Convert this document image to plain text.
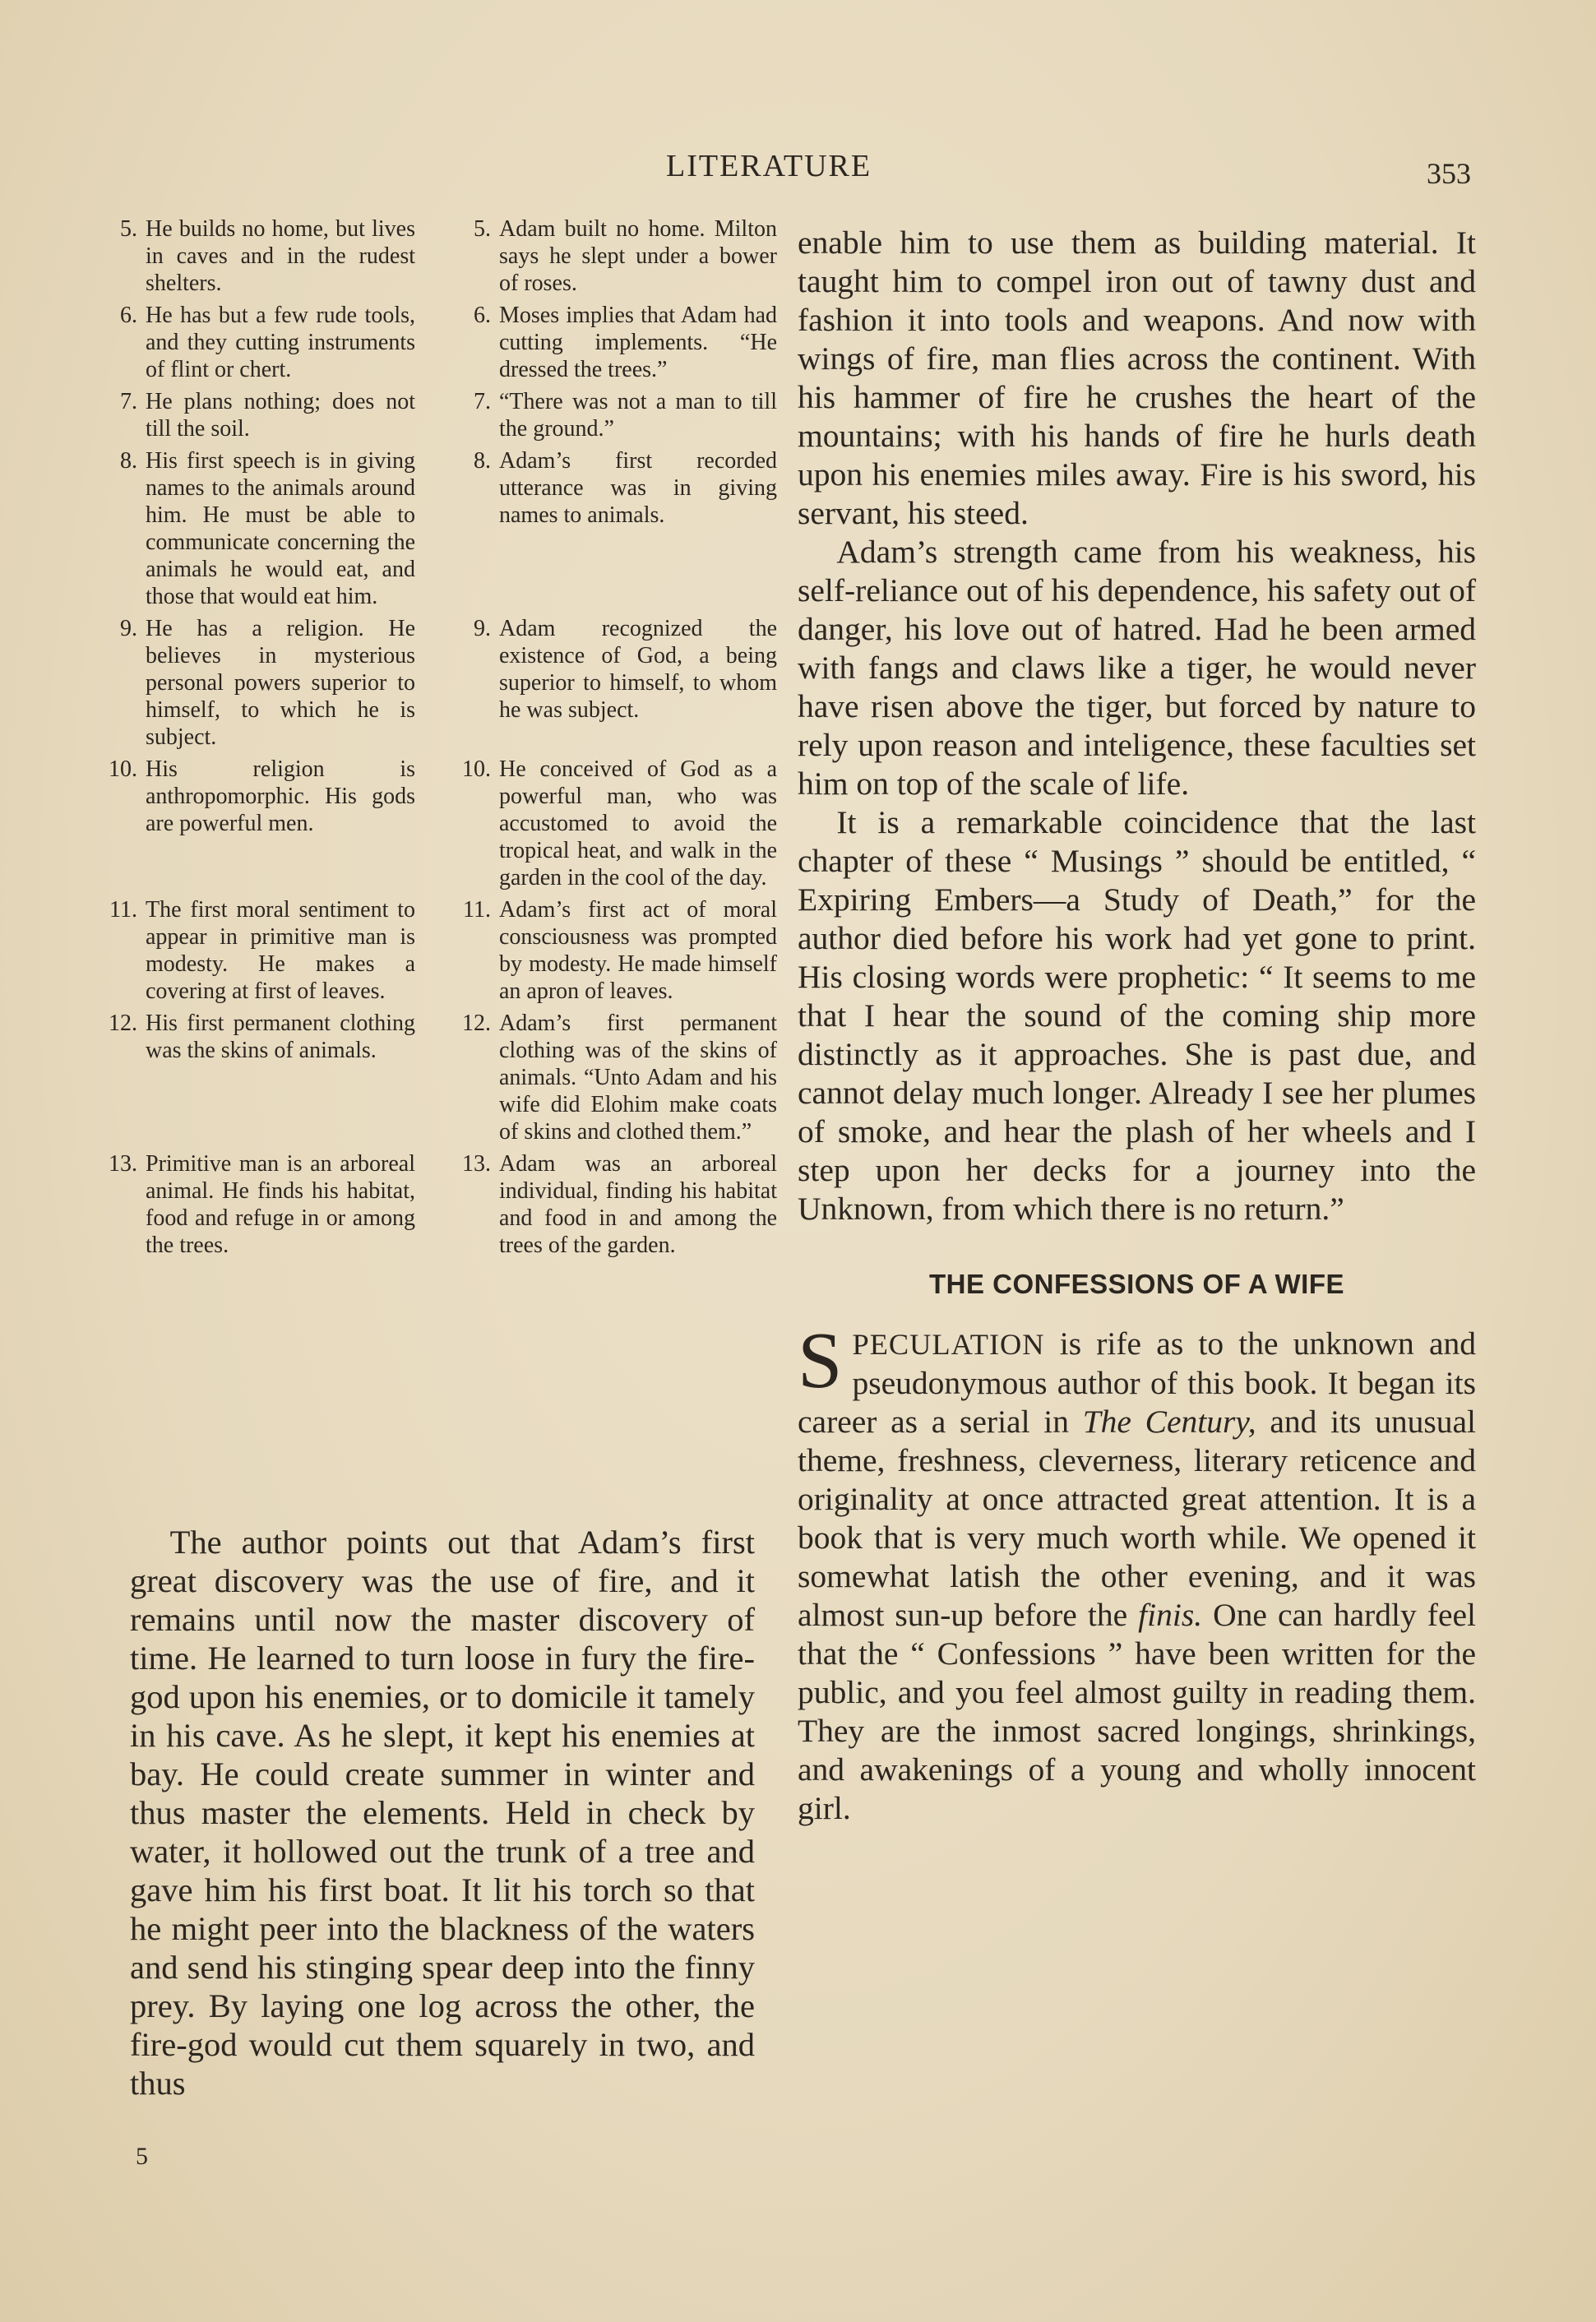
LITERATURE	353
5. He builds no home, but lives in caves and in the rudest shelters.
5. Adam built no home. Milton says he slept under a bower of roses.
6. He has but a few rude tools, and they cutting instruments of flint or chert.
6. Moses implies that Adam had cutting implements. “He dressed the trees.”
7. He plans nothing; does not till the soil.
7. “There was not a man to till the ground.”
8. His first speech is in giving names to the animals around him. He must be able to communicate concerning the animals he would eat, and those that would eat him.
8. Adam’s first recorded utterance was in giving names to animals.
9. He has a religion. He believes in mysterious personal powers superior to himself, to which he is subject.
9. Adam recognized the existence of God, a being superior to himself, to whom he was subject.
10. His religion is anthropomorphic. His gods are powerful men.
10. He conceived of God as a powerful man, who was accustomed to avoid the tropical heat, and walk in the garden in the cool of the day.
11. The first moral sentiment to appear in primitive man is modesty. He makes a covering at first of leaves.
11. Adam’s first act of moral consciousness was prompted by modesty. He made himself an apron of leaves.
12. His first permanent clothing was the skins of animals.
12. Adam’s first permanent clothing was of the skins of animals. “Unto Adam and his wife did Elohim make coats of skins and clothed them.”
13. Primitive man is an arboreal animal. He finds his habitat, food and refuge in or among the trees.
13. Adam was an arboreal individual, finding his habitat and food in and among the trees of the garden.

The author points out that Adam’s first great discovery was the use of fire, and it remains until now the master discovery of time. He learned to turn loose in fury the fire-god upon his enemies, or to domicile it tamely in his cave. As he slept, it kept his enemies at bay. He could create summer in winter and thus master the elements. Held in check by water, it hollowed out the trunk of a tree and gave him his first boat. It lit his torch so that he might peer into the blackness of the waters and send his stinging spear deep into the finny prey. By laying one log across the other, the fire-god would cut them squarely in two, and thus

5

enable him to use them as building material. It taught him to compel iron out of tawny dust and fashion it into tools and weapons. And now with wings of fire, man flies across the continent. With his hammer of fire he crushes the heart of the mountains; with his hands of fire he hurls death upon his enemies miles away. Fire is his sword, his servant, his steed.

Adam’s strength came from his weakness, his self-reliance out of his dependence, his safety out of danger, his love out of hatred. Had he been armed with fangs and claws like a tiger, he would never have risen above the tiger, but forced by nature to rely upon reason and inteligence, these faculties set him on top of the scale of life.

It is a remarkable coincidence that the last chapter of these “ Musings ” should be entitled, “ Expiring Embers—a Study of Death,” for the author died before his work had yet gone to print. His closing words were prophetic: “ It seems to me that I hear the sound of the coming ship more distinctly as it approaches. She is past due, and cannot delay much longer. Already I see her plumes of smoke, and hear the plash of her wheels and I step upon her decks for a journey into the Unknown, from which there is no return.”

THE CONFESSIONS OF A WIFE

SPECULATION is rife as to the unknown and pseudonymous author of this book. It began its career as a serial in The Century, and its unusual theme, freshness, cleverness, literary reticence and originality at once attracted great attention. It is a book that is very much worth while. We opened it somewhat latish the other evening, and it was almost sun-up before the finis. One can hardly feel that the “ Confessions ” have been written for the public, and you feel almost guilty in reading them. They are the inmost sacred longings, shrinkings, and awakenings of a young and wholly innocent girl.
